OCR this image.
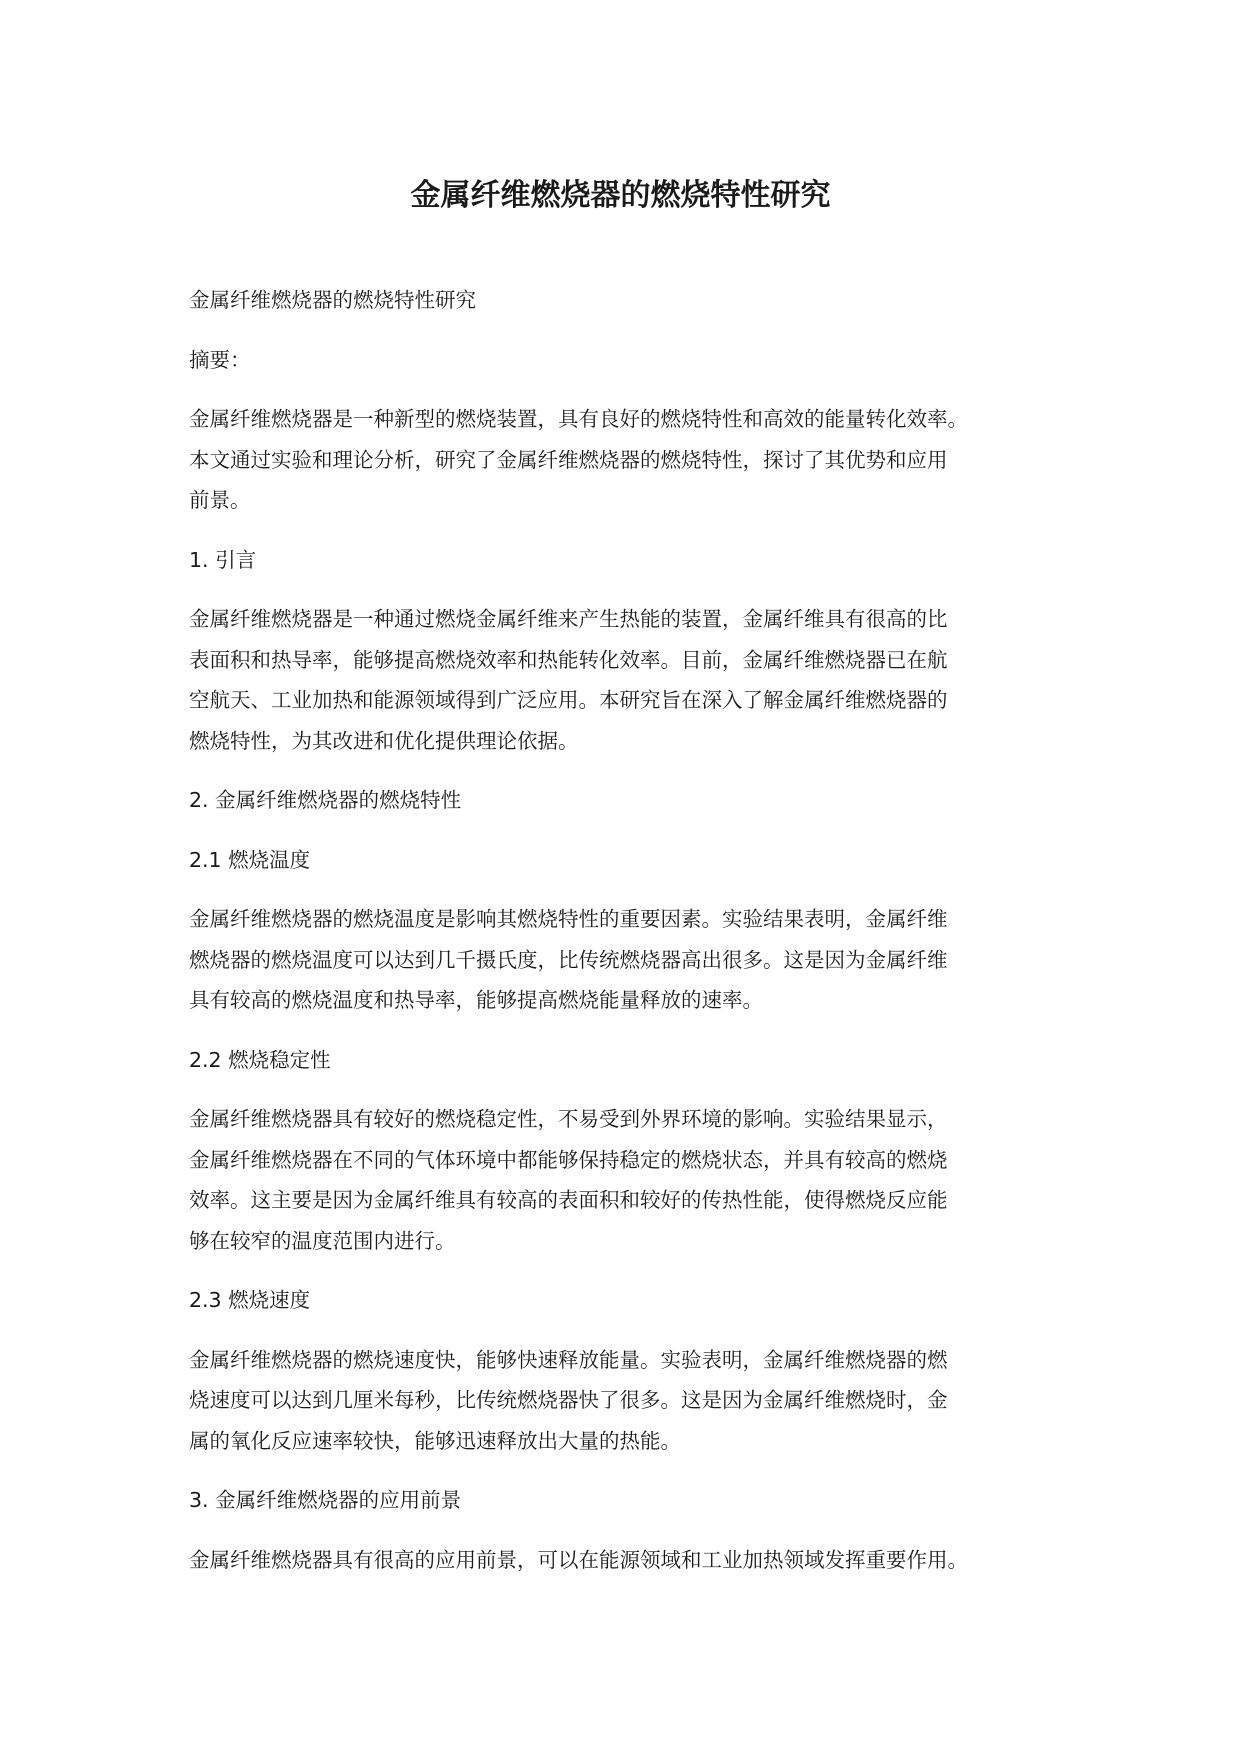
金属纤维燃烧器的燃烧特性研究

金属纤维燃烧器的燃烧特性研究

摘要：

金属纤维燃烧器是一种新型的燃烧装置，具有良好的燃烧特性和高效的能量转化效率。

本文通过实验和理论分析，研究了金属纤维燃烧器的燃烧特性，探讨了其优势和应用

前景。

1. 引言

金属纤维燃烧器是一种通过燃烧金属纤维来产生热能的装置，金属纤维具有很高的比

表面积和热导率，能够提高燃烧效率和热能转化效率。目前，金属纤维燃烧器已在航

空航天、工业加热和能源领域得到广泛应用。本研究旨在深入了解金属纤维燃烧器的

燃烧特性，为其改进和优化提供理论依据。

2. 金属纤维燃烧器的燃烧特性

2.1 燃烧温度

金属纤维燃烧器的燃烧温度是影响其燃烧特性的重要因素。实验结果表明，金属纤维

燃烧器的燃烧温度可以达到几千摄氏度，比传统燃烧器高出很多。这是因为金属纤维

具有较高的燃烧温度和热导率，能够提高燃烧能量释放的速率。

2.2 燃烧稳定性

金属纤维燃烧器具有较好的燃烧稳定性，不易受到外界环境的影响。实验结果显示，

金属纤维燃烧器在不同的气体环境中都能够保持稳定的燃烧状态，并具有较高的燃烧

效率。这主要是因为金属纤维具有较高的表面积和较好的传热性能，使得燃烧反应能

够在较窄的温度范围内进行。

2.3 燃烧速度

金属纤维燃烧器的燃烧速度快，能够快速释放能量。实验表明，金属纤维燃烧器的燃

烧速度可以达到几厘米每秒，比传统燃烧器快了很多。这是因为金属纤维燃烧时，金

属的氧化反应速率较快，能够迅速释放出大量的热能。

3. 金属纤维燃烧器的应用前景

金属纤维燃烧器具有很高的应用前景，可以在能源领域和工业加热领域发挥重要作用。
